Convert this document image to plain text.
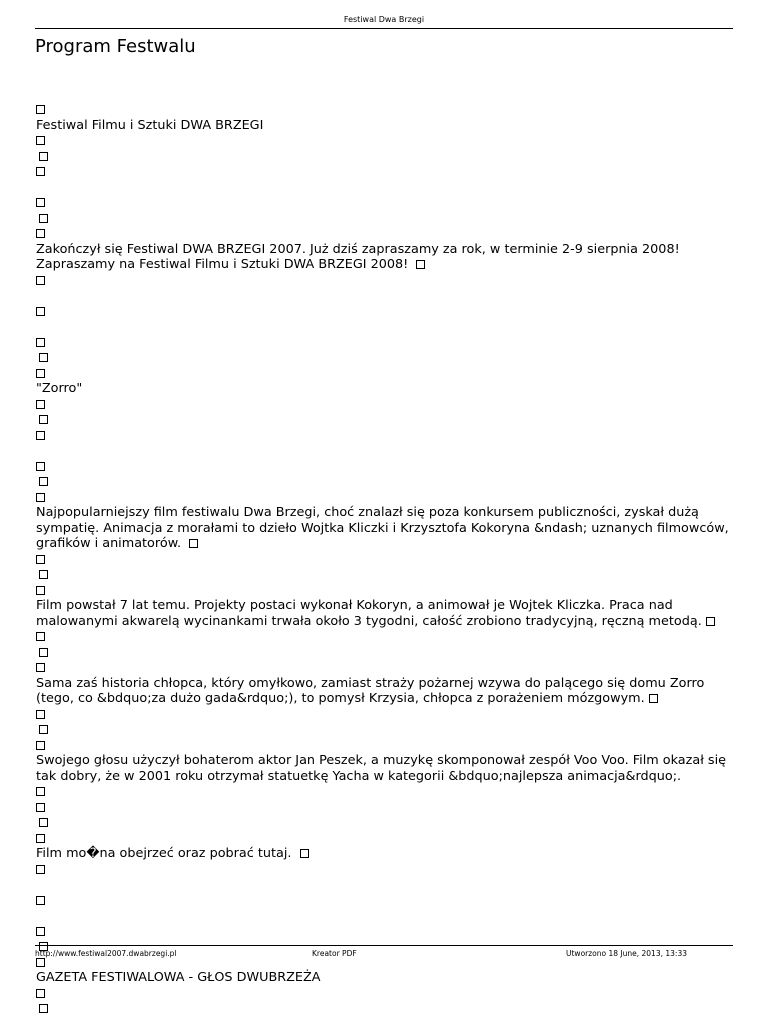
Festiwal Dwa Brzegi
Program Festwalu
Festiwal Filmu i Sztuki DWA BRZEGI
Zakończył się Festiwal DWA BRZEGI 2007. Już dziś zapraszamy za rok, w terminie 2-9 sierpnia 2008! Zapraszamy na Festiwal Filmu i Sztuki DWA BRZEGI 2008!
"Zorro"
Najpopularniejszy film festiwalu Dwa Brzegi, choć znalazł się poza konkursem publiczności, zyskał dużą sympatię. Animacja z morałami to dzieło Wojtka Kliczki i Krzysztofa Kokoryna &ndash; uznanych filmowców, grafików i animatorów.
Film powstał 7 lat temu. Projekty postaci wykonał Kokoryn, a animował je Wojtek Kliczka. Praca nad malowanymi akwarelą wycinankami trwała około 3 tygodni, całość zrobiono tradycyjną, ręczną metodą.
Sama zaś historia chłopca, który omyłkowo, zamiast straży pożarnej wzywa do palącego się domu Zorro (tego, co &bdquo;za dużo gada&rdquo;), to pomysł Krzysia, chłopca z porażeniem mózgowym.
Swojego głosu użyczył bohaterom aktor Jan Peszek, a muzykę skomponował zespół Voo Voo. Film okazał się tak dobry, że w 2001 roku otrzymał statuetkę Yacha w kategorii &bdquo;najlepsza animacja&rdquo;.
Film mo�na obejrzeć oraz pobrać tutaj.
GAZETA FESTIWALOWA - GŁOS DWUBRZEŻA
http://www.festiwal2007.dwabrzegi.pl	Kreator PDF	Utworzono 18 June, 2013, 13:33
